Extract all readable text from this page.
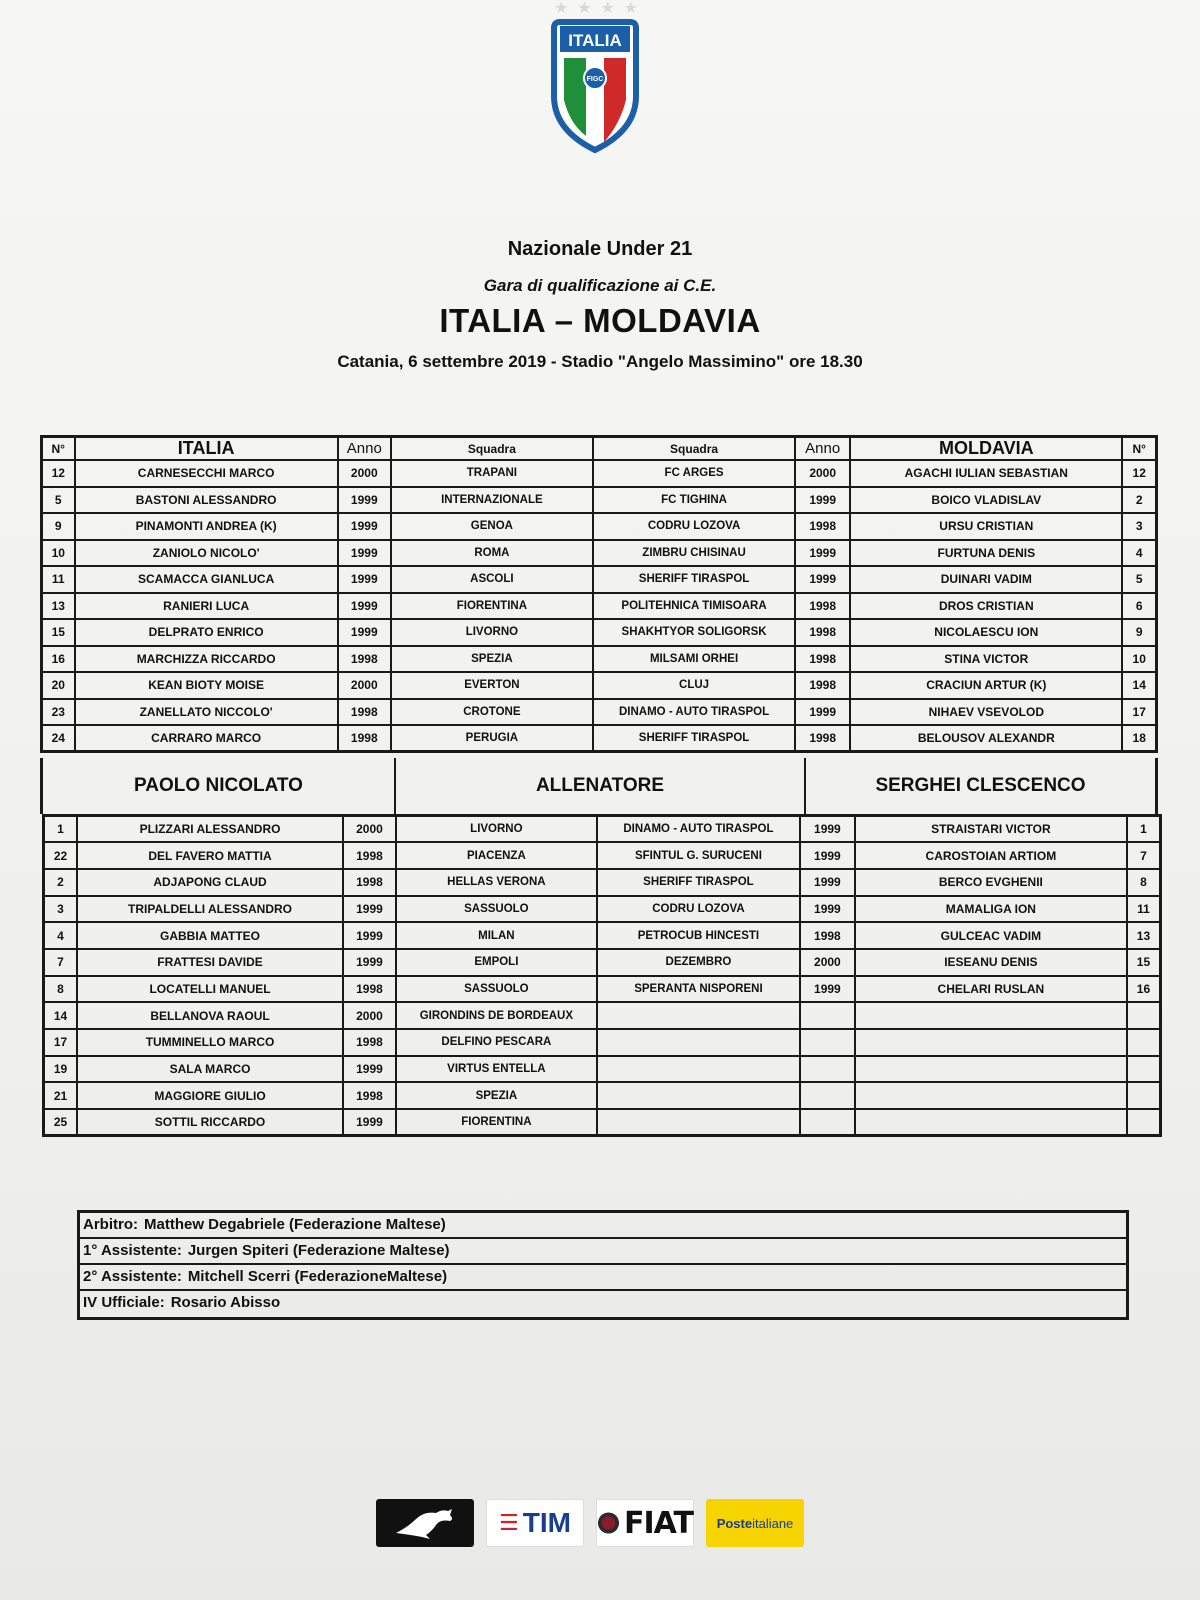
★ ★ ★ ★
ITALIA
FIGC
Nazionale Under 21
Gara di qualificazione ai C.E.
ITALIA – MOLDAVIA
Catania, 6 settembre 2019 - Stadio "Angelo Massimino" ore 18.30
N°	ITALIA	Anno	Squadra	Squadra	Anno	MOLDAVIA	N°
12	CARNESECCHI MARCO	2000	TRAPANI	FC ARGES	2000	AGACHI IULIAN SEBASTIAN	12
5	BASTONI ALESSANDRO	1999	INTERNAZIONALE	FC TIGHINA	1999	BOICO VLADISLAV	2
9	PINAMONTI ANDREA (K)	1999	GENOA	CODRU LOZOVA	1998	URSU CRISTIAN	3
10	ZANIOLO NICOLO'	1999	ROMA	ZIMBRU CHISINAU	1999	FURTUNA DENIS	4
11	SCAMACCA GIANLUCA	1999	ASCOLI	SHERIFF TIRASPOL	1999	DUINARI VADIM	5
13	RANIERI LUCA	1999	FIORENTINA	POLITEHNICA TIMISOARA	1998	DROS CRISTIAN	6
15	DELPRATO ENRICO	1999	LIVORNO	SHAKHTYOR SOLIGORSK	1998	NICOLAESCU ION	9
16	MARCHIZZA RICCARDO	1998	SPEZIA	MILSAMI ORHEI	1998	STINA VICTOR	10
20	KEAN BIOTY MOISE	2000	EVERTON	CLUJ	1998	CRACIUN ARTUR (K)	14
23	ZANELLATO NICCOLO'	1998	CROTONE	DINAMO - AUTO TIRASPOL	1999	NIHAEV VSEVOLOD	17
24	CARRARO MARCO	1998	PERUGIA	SHERIFF TIRASPOL	1998	BELOUSOV ALEXANDR	18
PAOLO NICOLATO	ALLENATORE	SERGHEI CLESCENCO
1	PLIZZARI ALESSANDRO	2000	LIVORNO	DINAMO - AUTO TIRASPOL	1999	STRAISTARI VICTOR	1
22	DEL FAVERO MATTIA	1998	PIACENZA	SFINTUL G. SURUCENI	1999	CAROSTOIAN ARTIOM	7
2	ADJAPONG CLAUD	1998	HELLAS VERONA	SHERIFF TIRASPOL	1999	BERCO EVGHENII	8
3	TRIPALDELLI ALESSANDRO	1999	SASSUOLO	CODRU LOZOVA	1999	MAMALIGA ION	11
4	GABBIA MATTEO	1999	MILAN	PETROCUB HINCESTI	1998	GULCEAC VADIM	13
7	FRATTESI DAVIDE	1999	EMPOLI	DEZEMBRO	2000	IESEANU DENIS	15
8	LOCATELLI MANUEL	1998	SASSUOLO	SPERANTA NISPORENI	1999	CHELARI RUSLAN	16
14	BELLANOVA RAOUL	2000	GIRONDINS DE BORDEAUX				
17	TUMMINELLO MARCO	1998	DELFINO PESCARA				
19	SALA MARCO	1999	VIRTUS ENTELLA				
21	MAGGIORE GIULIO	1998	SPEZIA				
25	SOTTIL RICCARDO	1999	FIORENTINA				
Arbitro: Matthew Degabriele (Federazione Maltese)
1° Assistente: Jurgen Spiteri (Federazione Maltese)
2° Assistente: Mitchell Scerri (FederazioneMaltese)
IV Ufficiale: Rosario Abisso
☰ TIM FIAT Poste italiane
